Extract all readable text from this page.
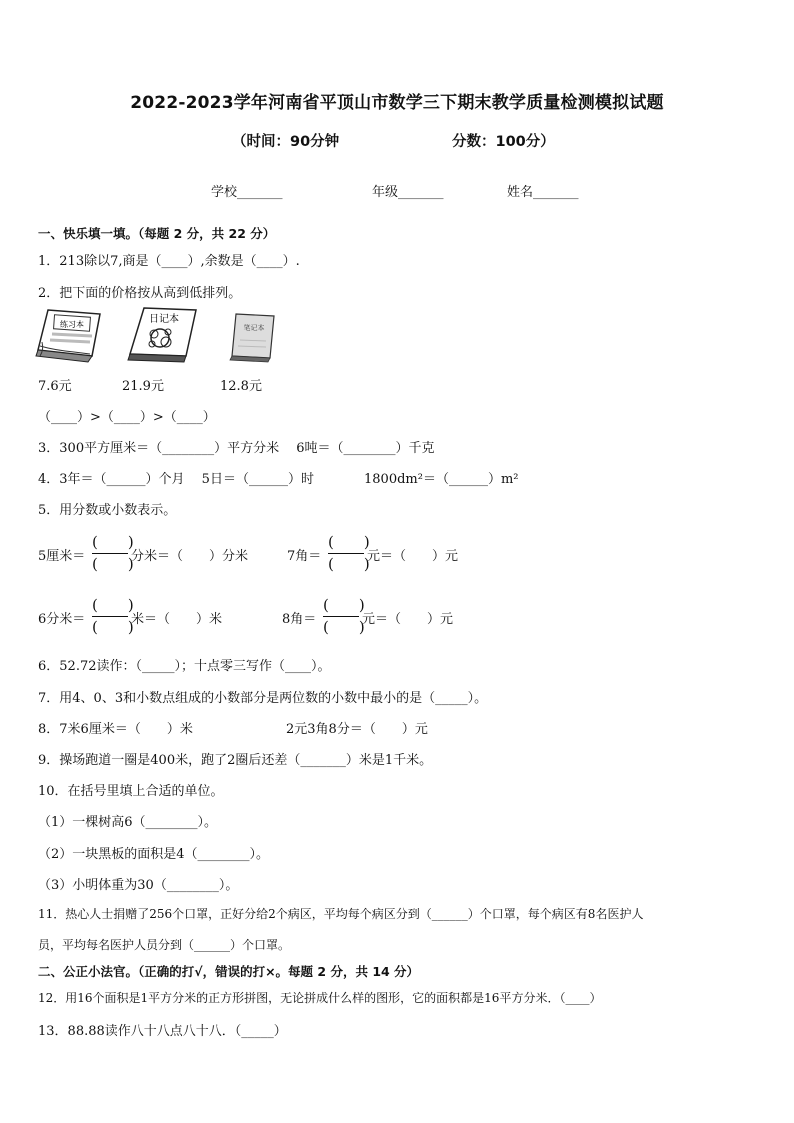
2022-2023学年河南省平顶山市数学三下期末教学质量检测模拟试题
（时间：90分钟	分数：100分）
学校_______	年级_______	姓名_______
一、快乐填一填。（每题 2 分，共 22 分）
1．213除以7,商是（____）,余数是（____）.
2．把下面的价格按从高到低排列。
练习本	日记本
笔记本
7.6元	21.9元	12.8元
（____）>（____）>（____）
3．300平方厘米＝（________）平方分米　 6吨＝（________）千克
4．3年＝（______）个月　 5日＝（______）时	1800dm²＝（______）m²
5．用分数或小数表示。
5厘米＝
(　　)
(　　)
分米＝（　　）分米	7角＝
(　　)
(　　)
元＝（　　）元
6分米＝
(　　)
(　　)
米＝（　　）米	8角＝
(　　)
(　　)
元＝（　　）元
6．52.72读作：（_____）；十点零三写作（____）。
7．用4、0、3和小数点组成的小数部分是两位数的小数中最小的是（_____）。
8．7米6厘米＝（　　）米	2元3角8分＝（　　）元
9．操场跑道一圈是400米，跑了2圈后还差（_______）米是1千米。
10．在括号里填上合适的单位。
（1）一棵树高6（________）。
（2）一块黑板的面积是4（________）。
（3）小明体重为30（________）。
11．热心人士捐赠了256个口罩，正好分给2个病区，平均每个病区分到（______）个口罩，每个病区有8名医护人
员，平均每名医护人员分到（______）个口罩。
二、公正小法官。（正确的打√，错误的打×。每题 2 分，共 14 分）
12．用16个面积是1平方分米的正方形拼图，无论拼成什么样的图形，它的面积都是16平方分米．（____）
13．88.88读作八十八点八十八．（_____）
